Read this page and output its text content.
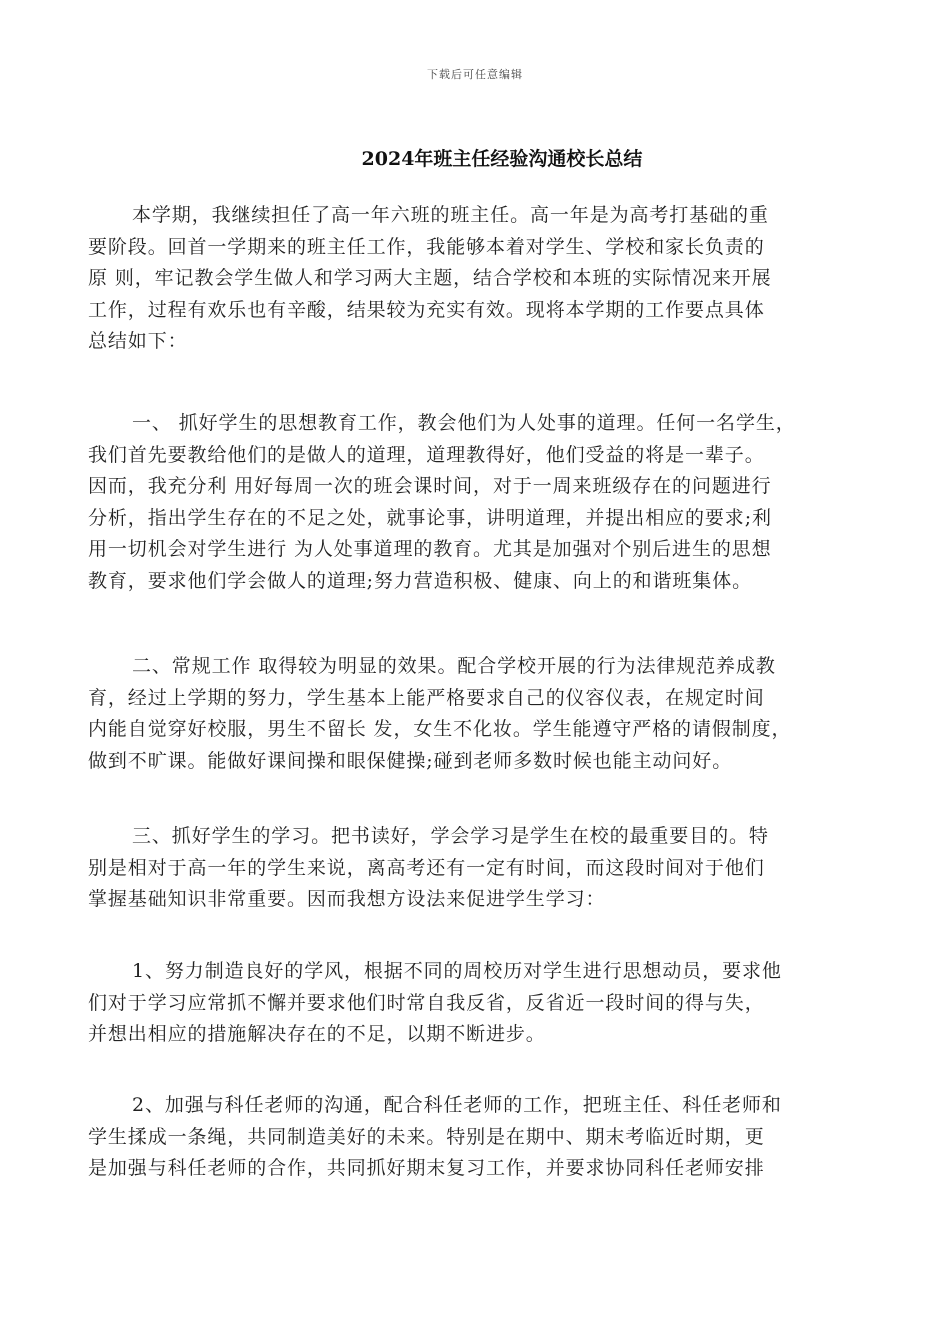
下载后可任意编辑
2024年班主任经验沟通校长总结
本学期，我继续担任了高一年六班的班主任。高一年是为高考打基础的重
要阶段。回首一学期来的班主任工作，我能够本着对学生、学校和家长负责的
原 则，牢记教会学生做人和学习两大主题，结合学校和本班的实际情况来开展
工作，过程有欢乐也有辛酸，结果较为充实有效。现将本学期的工作要点具体
总结如下：
一、 抓好学生的思想教育工作，教会他们为人处事的道理。任何一名学生，
我们首先要教给他们的是做人的道理，道理教得好，他们受益的将是一辈子。
因而，我充分利 用好每周一次的班会课时间，对于一周来班级存在的问题进行
分析，指出学生存在的不足之处，就事论事，讲明道理，并提出相应的要求;利
用一切机会对学生进行 为人处事道理的教育。尤其是加强对个别后进生的思想
教育，要求他们学会做人的道理;努力营造积极、健康、向上的和谐班集体。
二、常规工作 取得较为明显的效果。配合学校开展的行为法律规范养成教
育，经过上学期的努力，学生基本上能严格要求自己的仪容仪表，在规定时间
内能自觉穿好校服，男生不留长 发，女生不化妆。学生能遵守严格的请假制度，
做到不旷课。能做好课间操和眼保健操;碰到老师多数时候也能主动问好。
三、抓好学生的学习。把书读好，学会学习是学生在校的最重要目的。特
别是相对于高一年的学生来说，离高考还有一定有时间，而这段时间对于他们
掌握基础知识非常重要。因而我想方设法来促进学生学习：
1、努力制造良好的学风，根据不同的周校历对学生进行思想动员，要求他
们对于学习应常抓不懈并要求他们时常自我反省，反省近一段时间的得与失，
并想出相应的措施解决存在的不足，以期不断进步。
2、加强与科任老师的沟通，配合科任老师的工作，把班主任、科任老师和
学生揉成一条绳，共同制造美好的未来。特别是在期中、期末考临近时期，更
是加强与科任老师的合作，共同抓好期末复习工作，并要求协同科任老师安排
